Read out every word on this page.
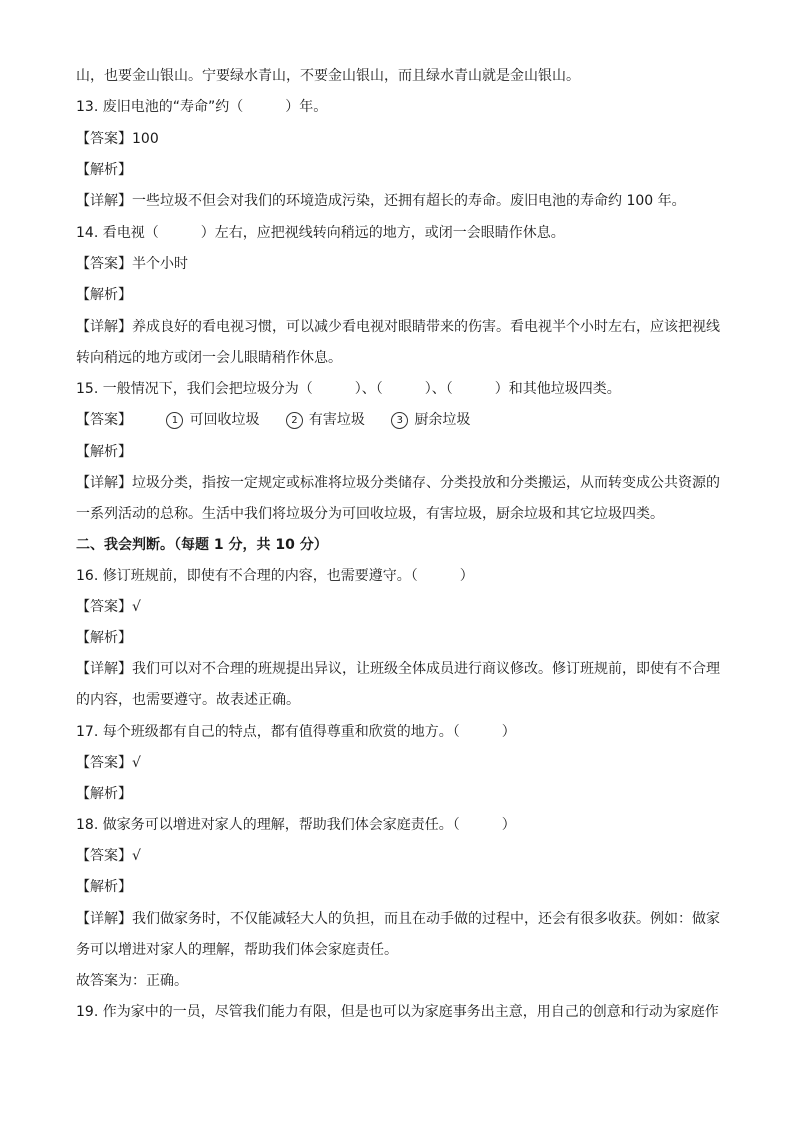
山，也要金山银山。宁要绿水青山，不要金山银山，而且绿水青山就是金山银山。
13. 废旧电池的“寿命”约（　　　）年。
【答案】100
【解析】
【详解】一些垃圾不但会对我们的环境造成污染，还拥有超长的寿命。废旧电池的寿命约 100 年。
14. 看电视（　　　）左右，应把视线转向稍远的地方，或闭一会眼睛作休息。
【答案】半个小时
【解析】
【详解】养成良好的看电视习惯，可以减少看电视对眼睛带来的伤害。看电视半个小时左右，应该把视线
转向稍远的地方或闭一会儿眼睛稍作休息。
15. 一般情况下，我们会把垃圾分为（　　　）、（　　　）、（　　　）和其他垃圾四类。
【答案】	1 可回收垃圾	2 有害垃圾	3 厨余垃圾
【解析】
【详解】垃圾分类，指按一定规定或标准将垃圾分类储存、分类投放和分类搬运，从而转变成公共资源的
一系列活动的总称。生活中我们将垃圾分为可回收垃圾，有害垃圾，厨余垃圾和其它垃圾四类。
二、我会判断。（每题 1 分，共 10 分）
16. 修订班规前，即使有不合理的内容，也需要遵守。（　　　）
【答案】√
【解析】
【详解】我们可以对不合理的班规提出异议，让班级全体成员进行商议修改。修订班规前，即使有不合理
的内容，也需要遵守。故表述正确。
17. 每个班级都有自己的特点，都有值得尊重和欣赏的地方。（　　　）
【答案】√
【解析】
18. 做家务可以增进对家人的理解，帮助我们体会家庭责任。（　　　）
【答案】√
【解析】
【详解】我们做家务时，不仅能减轻大人的负担，而且在动手做的过程中，还会有很多收获。例如：做家
务可以增进对家人的理解，帮助我们体会家庭责任。
故答案为：正确。
19. 作为家中的一员，尽管我们能力有限，但是也可以为家庭事务出主意，用自己的创意和行动为家庭作
